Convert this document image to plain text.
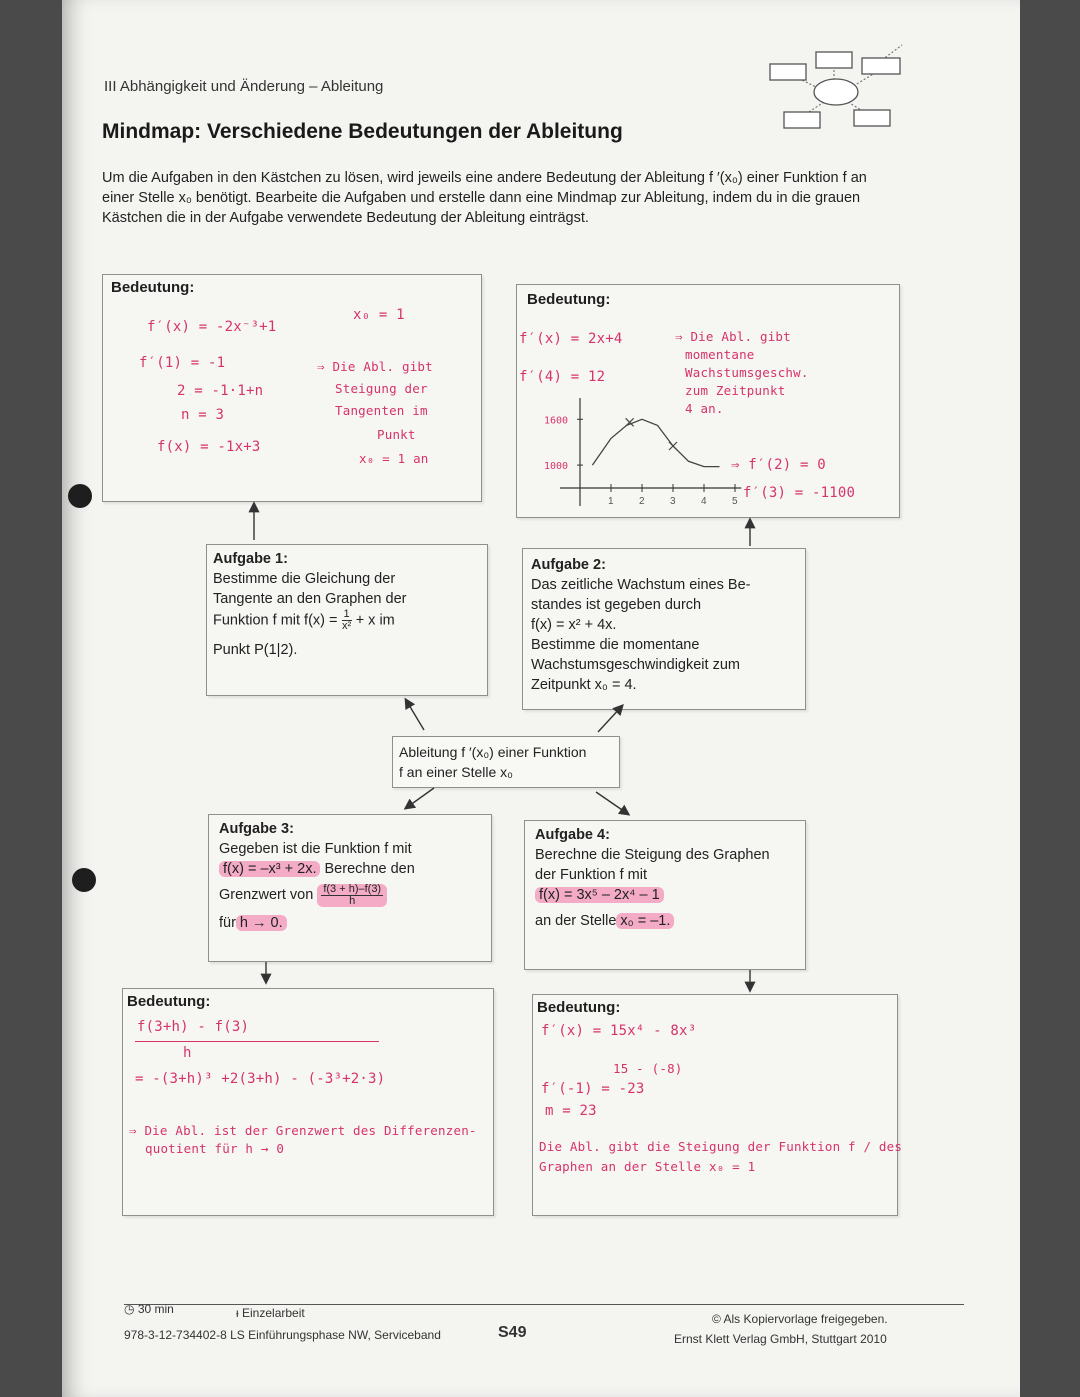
III Abhängigkeit und Änderung – Ableitung
Mindmap: Verschiedene Bedeutungen der Ableitung
Um die Aufgaben in den Kästchen zu lösen, wird jeweils eine andere Bedeutung der Ableitung f ′(x₀) einer Funktion f an einer Stelle x₀ benötigt. Bearbeite die Aufgaben und erstelle dann eine Mindmap zur Ableitung, indem du in die grauen Kästchen die in der Aufgabe verwendete Bedeutung der Ableitung einträgst.
Bedeutung:
f′(x) = -2x⁻³+1
f′(1) = -1
2 = -1·1+n
n = 3
f(x) = -1x+3
x₀ = 1
⇒ Die Abl. gibt
Steigung der
Tangenten im
Punkt
x₀ = 1 an
Bedeutung:
f′(x) = 2x+4
f′(4) = 12
⇒ Die Abl. gibt
momentane
Wachstumsgeschw.
zum Zeitpunkt
4 an.
⇒ f′(2) = 0
f′(3) = -1100
1	2	3	4	5
1600
1000
Aufgabe 1:
Bestimme die Gleichung der
Tangente an den Graphen der
Funktion f mit $f(x) = \frac{1}{\text{x²}} + x$ im
Punkt P(1|2).
Aufgabe 2:
Das zeitliche Wachstum eines Be-
standes ist gegeben durch
f(x) = x² + 4x.
Bestimme die momentane
Wachstumsgeschwindigkeit zum
Zeitpunkt x₀ = 4.
Ableitung f ′(x₀) einer Funktion
f an einer Stelle x₀
Aufgabe 3:
Gegeben ist die Funktion f mit
f(x) = –x³ + 2x. Berechne den
Grenzwert von $\frac{f(3 + h)-f(3)}{h}$
fürh → 0.
Aufgabe 4:
Berechne die Steigung des Graphen
der Funktion f mit
f(x) = 3x⁵ – 2x⁴ – 1
an der Stellex₀ = –1.
Bedeutung:
f(3+h) - f(3)
h
= -(3+h)³ +2(3+h) - (-3³+2·3)
⇒ Die Abl. ist der Grenzwert des Differenzen-
quotient für h → 0
Bedeutung:
f′(x) = 15x⁴ - 8x³
15 - (-8)
f′(-1) = -23
m = 23
Die Abl. gibt die Steigung der Funktion f / des
Graphen an der Stelle x₀ = 1
◷ 30 min	ᵻ Einzelarbeit
978-3-12-734402-8 LS Einführungsphase NW, Serviceband	S49
© Als Kopiervorlage freigegeben.
Ernst Klett Verlag GmbH, Stuttgart 2010
